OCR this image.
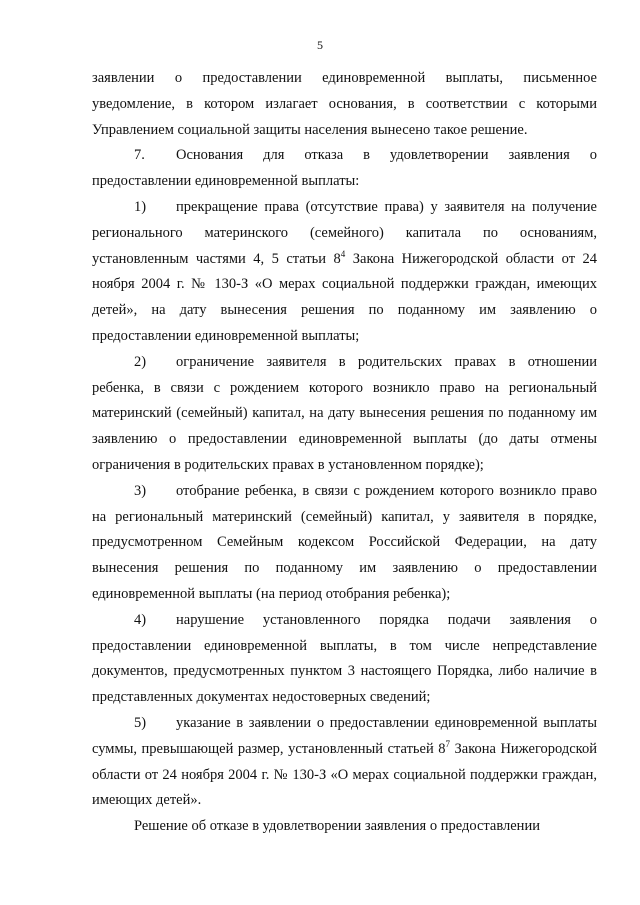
5

заявлении о предоставлении единовременной выплаты, письменное уведомление, в котором излагает основания, в соответствии с которыми Управлением социальной защиты населения вынесено такое решение.

7. Основания для отказа в удовлетворении заявления о предоставлении единовременной выплаты:

1) прекращение права (отсутствие права) у заявителя на получение регионального материнского (семейного) капитала по основаниям, установленным частями 4, 5 статьи $8^4$ Закона Нижегородской области от 24 ноября 2004 г. № 130-З «О мерах социальной поддержки граждан, имеющих детей», на дату вынесения решения по поданному им заявлению о предоставлении единовременной выплаты;

2) ограничение заявителя в родительских правах в отношении ребенка, в связи с рождением которого возникло право на региональный материнский (семейный) капитал, на дату вынесения решения по поданному им заявлению о предоставлении единовременной выплаты (до даты отмены ограничения в родительских правах в установленном порядке);

3) отобрание ребенка, в связи с рождением которого возникло право на региональный материнский (семейный) капитал, у заявителя в порядке, предусмотренном Семейным кодексом Российской Федерации, на дату вынесения решения по поданному им заявлению о предоставлении единовременной выплаты (на период отобрания ребенка);

4) нарушение установленного порядка подачи заявления о предоставлении единовременной выплаты, в том числе непредставление документов, предусмотренных пунктом 3 настоящего Порядка, либо наличие в представленных документах недостоверных сведений;

5) указание в заявлении о предоставлении единовременной выплаты суммы, превышающей размер, установленный статьей $8^7$ Закона Нижегородской области от 24 ноября 2004 г. № 130-З «О мерах социальной поддержки граждан, имеющих детей».

Решение об отказе в удовлетворении заявления о предоставлении
